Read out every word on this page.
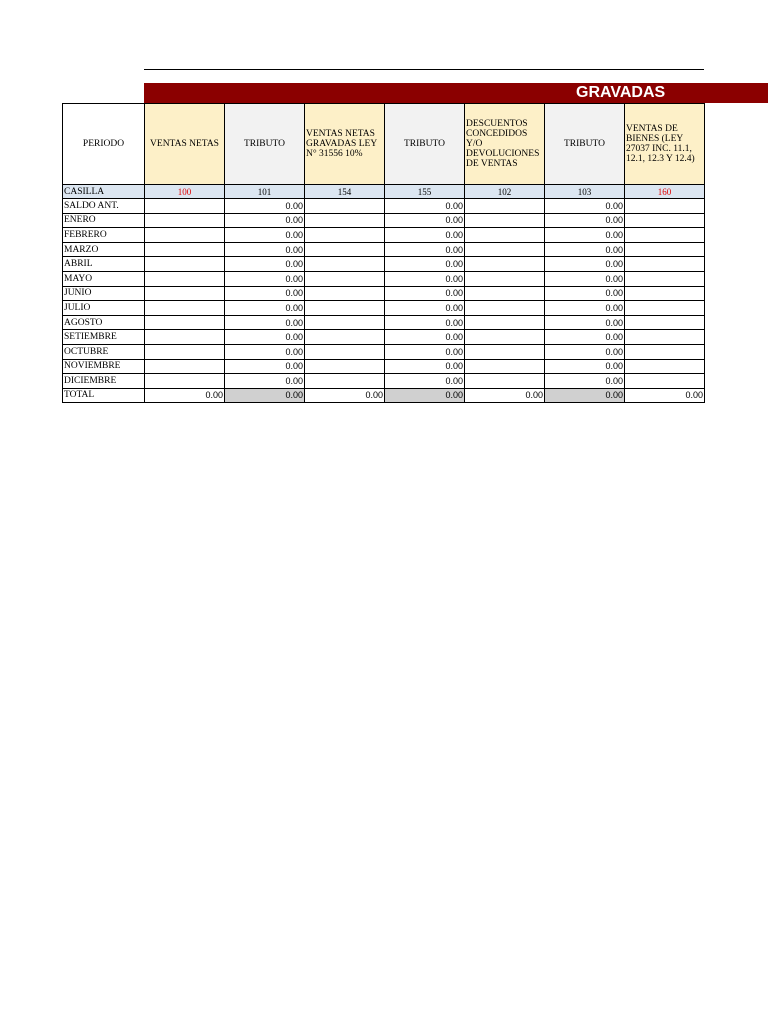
GRAVADAS
PERIODO	VENTAS NETAS	TRIBUTO	VENTAS NETAS GRAVADAS LEY N° 31556 10%	TRIBUTO	DESCUENTOS CONCEDIDOS Y/O DEVOLUCIONES DE VENTAS	TRIBUTO	VENTAS DE BIENES (LEY 27037 INC. 11.1, 12.1, 12.3 Y 12.4)
CASILLA	100	101	154	155	102	103	160
SALDO ANT.		0.00		0.00		0.00	
ENERO		0.00		0.00		0.00	
FEBRERO		0.00		0.00		0.00	
MARZO		0.00		0.00		0.00	
ABRIL		0.00		0.00		0.00	
MAYO		0.00		0.00		0.00	
JUNIO		0.00		0.00		0.00	
JULIO		0.00		0.00		0.00	
AGOSTO		0.00		0.00		0.00	
SETIEMBRE		0.00		0.00		0.00	
OCTUBRE		0.00		0.00		0.00	
NOVIEMBRE		0.00		0.00		0.00	
DICIEMBRE		0.00		0.00		0.00	
TOTAL	0.00	0.00	0.00	0.00	0.00	0.00	0.00
